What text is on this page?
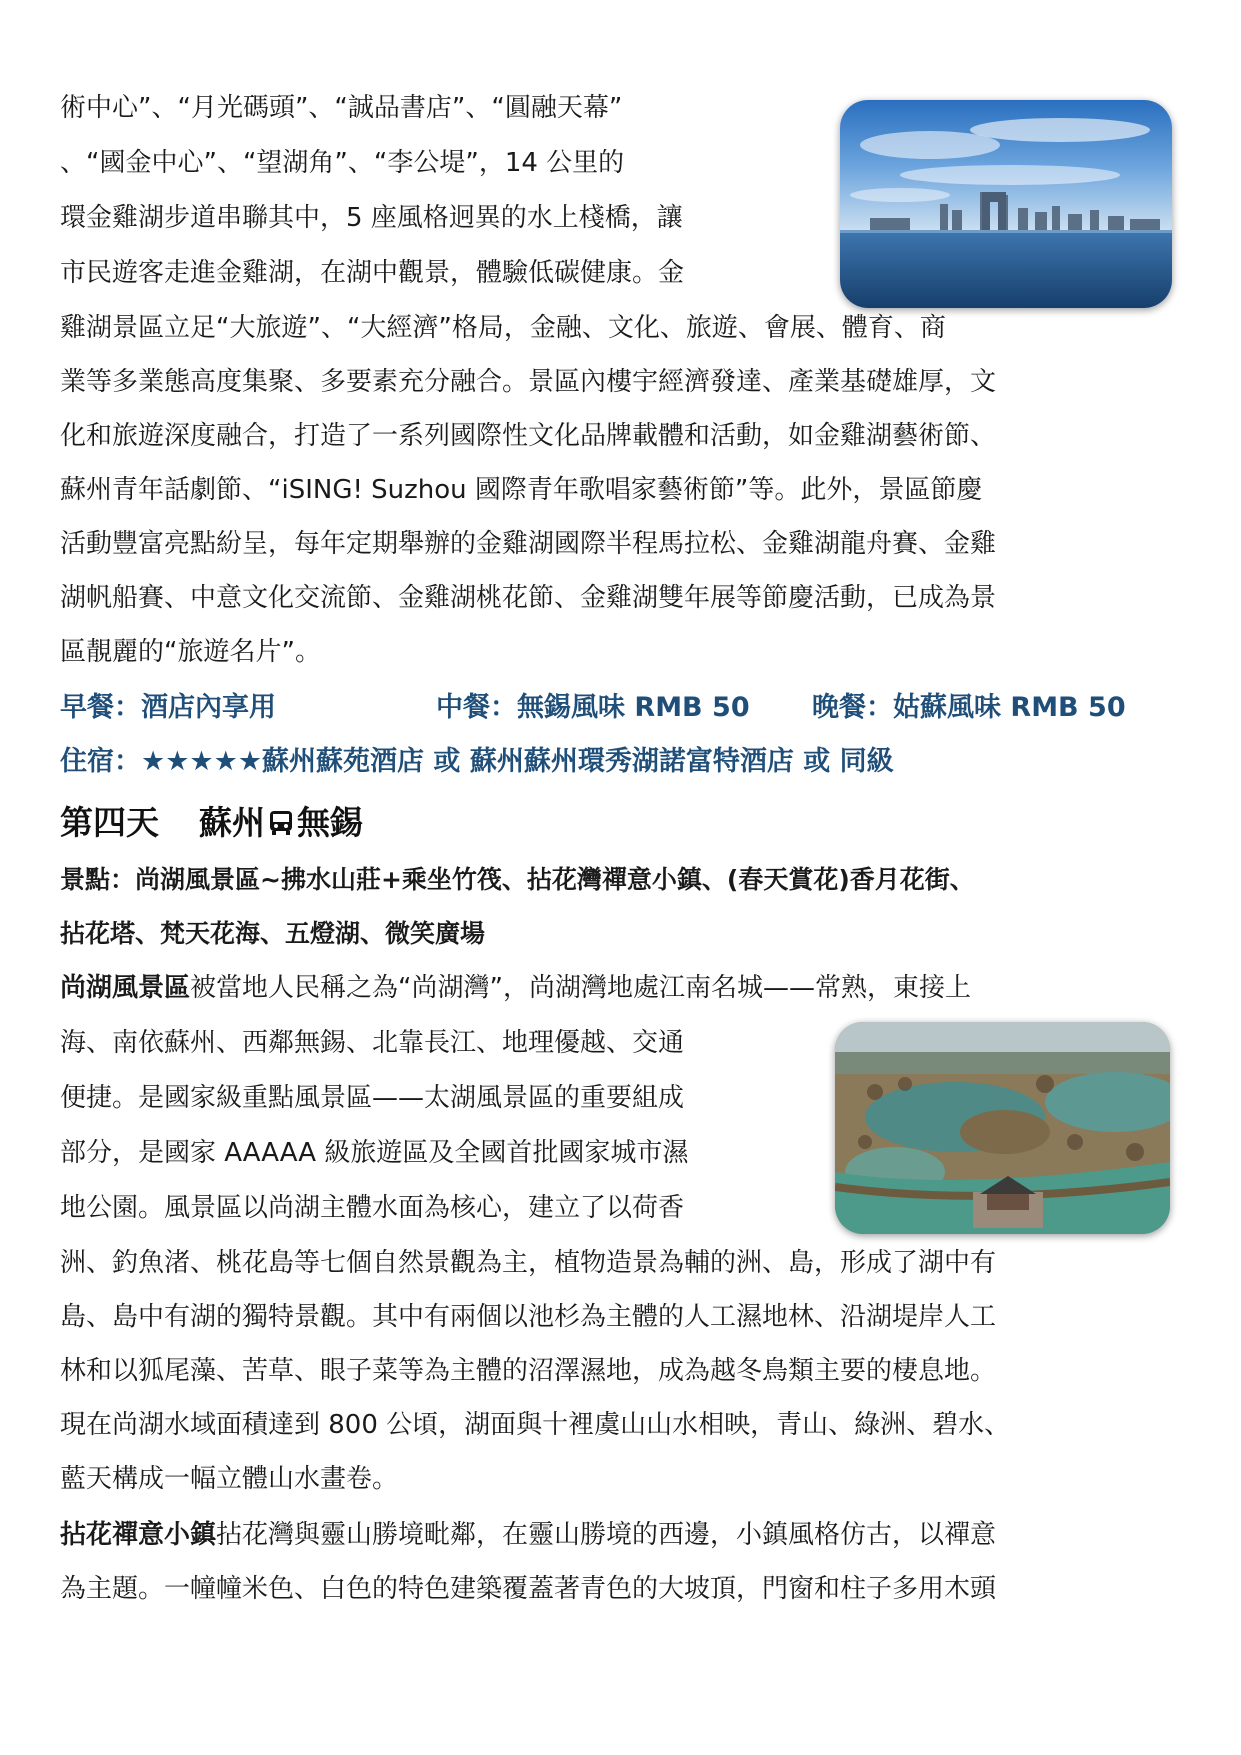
術中心”、“月光碼頭”、“誠品書店”、“圓融天幕”
、“國金中心”、“望湖角”、“李公堤”，14 公里的
環金雞湖步道串聯其中，5 座風格迥異的水上棧橋，讓
市民遊客走進金雞湖，在湖中觀景，體驗低碳健康。金
雞湖景區立足“大旅遊”、“大經濟”格局，金融、文化、旅遊、會展、體育、商
業等多業態高度集聚、多要素充分融合。景區內樓宇經濟發達、產業基礎雄厚，文
化和旅遊深度融合，打造了一系列國際性文化品牌載體和活動，如金雞湖藝術節、
蘇州青年話劇節、“iSING! Suzhou 國際青年歌唱家藝術節”等。此外，景區節慶
活動豐富亮點紛呈，每年定期舉辦的金雞湖國際半程馬拉松、金雞湖龍舟賽、金雞
湖帆船賽、中意文化交流節、金雞湖桃花節、金雞湖雙年展等節慶活動，已成為景
區靚麗的“旅遊名片”。
早餐：酒店內享用	中餐：無錫風味 RMB 50 晚餐：姑蘇風味 RMB 50
住宿：★★★★★蘇州蘇苑酒店 或 蘇州蘇州環秀湖諾富特酒店 或 同級
第四天 蘇州 無錫
景點：尚湖風景區~拂水山莊+乘坐竹筏、拈花灣禪意小鎮、(春天賞花)香月花街、
拈花塔、梵天花海、五燈湖、微笑廣場
尚湖風景區被當地人民稱之為“尚湖灣”，尚湖灣地處江南名城——常熟，東接上
海、南依蘇州、西鄰無錫、北靠長江、地理優越、交通
便捷。是國家級重點風景區——太湖風景區的重要組成
部分，是國家 AAAAA 級旅遊區及全國首批國家城市濕
地公園。風景區以尚湖主體水面為核心，建立了以荷香
洲、釣魚渚、桃花島等七個自然景觀為主，植物造景為輔的洲、島，形成了湖中有
島、島中有湖的獨特景觀。其中有兩個以池杉為主體的人工濕地林、沿湖堤岸人工
林和以狐尾藻、苦草、眼子菜等為主體的沼澤濕地，成為越冬鳥類主要的棲息地。
現在尚湖水域面積達到 800 公頃，湖面與十裡虞山山水相映，青山、綠洲、碧水、
藍天構成一幅立體山水畫卷。
拈花禪意小鎮拈花灣與靈山勝境毗鄰，在靈山勝境的西邊，小鎮風格仿古，以禪意
為主題。一幢幢米色、白色的特色建築覆蓋著青色的大坡頂，門窗和柱子多用木頭
